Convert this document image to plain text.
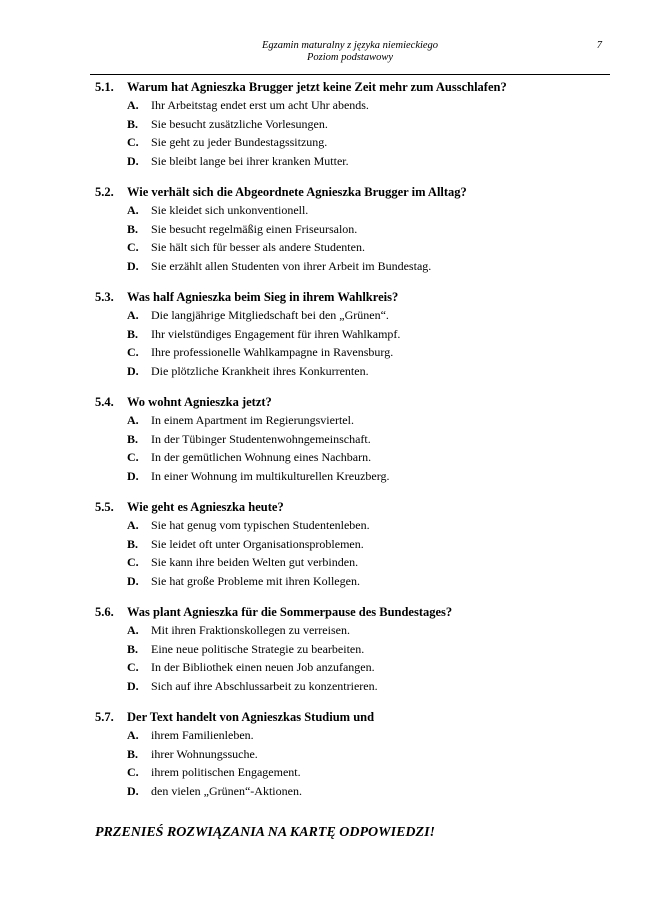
Egzamin maturalny z języka niemieckiego
Poziom podstawowy
7
5.1.	Warum hat Agnieszka Brugger jetzt keine Zeit mehr zum Ausschlafen?
A.	Ihr Arbeitstag endet erst um acht Uhr abends.
B.	Sie besucht zusätzliche Vorlesungen.
C.	Sie geht zu jeder Bundestagssitzung.
D.	Sie bleibt lange bei ihrer kranken Mutter.
5.2.	Wie verhält sich die Abgeordnete Agnieszka Brugger im Alltag?
A.	Sie kleidet sich unkonventionell.
B.	Sie besucht regelmäßig einen Friseursalon.
C.	Sie hält sich für besser als andere Studenten.
D.	Sie erzählt allen Studenten von ihrer Arbeit im Bundestag.
5.3.	Was half Agnieszka beim Sieg in ihrem Wahlkreis?
A.	Die langjährige Mitgliedschaft bei den „Grünen“.
B.	Ihr vielstündiges Engagement für ihren Wahlkampf.
C.	Ihre professionelle Wahlkampagne in Ravensburg.
D.	Die plötzliche Krankheit ihres Konkurrenten.
5.4.	Wo wohnt Agnieszka jetzt?
A.	In einem Apartment im Regierungsviertel.
B.	In der Tübinger Studentenwohngemeinschaft.
C.	In der gemütlichen Wohnung eines Nachbarn.
D.	In einer Wohnung im multikulturellen Kreuzberg.
5.5.	Wie geht es Agnieszka heute?
A.	Sie hat genug vom typischen Studentenleben.
B.	Sie leidet oft unter Organisationsproblemen.
C.	Sie kann ihre beiden Welten gut verbinden.
D.	Sie hat große Probleme mit ihren Kollegen.
5.6.	Was plant Agnieszka für die Sommerpause des Bundestages?
A.	Mit ihren Fraktionskollegen zu verreisen.
B.	Eine neue politische Strategie zu bearbeiten.
C.	In der Bibliothek einen neuen Job anzufangen.
D.	Sich auf ihre Abschlussarbeit zu konzentrieren.
5.7.	Der Text handelt von Agnieszkas Studium und
A.	ihrem Familienleben.
B.	ihrer Wohnungssuche.
C.	ihrem politischen Engagement.
D.	den vielen „Grünen“-Aktionen.
PRZENIEŚ ROZWIĄZANIA NA KARTĘ ODPOWIEDZI!
